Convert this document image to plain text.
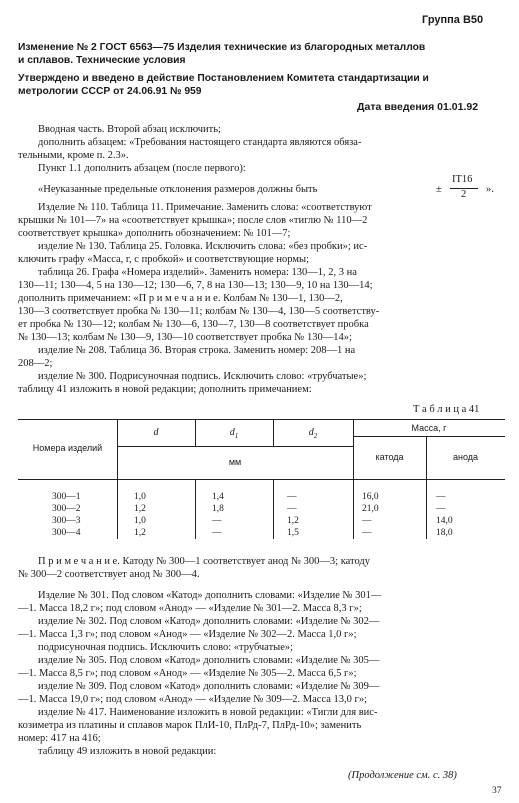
Группа В50
Изменение № 2 ГОСТ 6563—75 Изделия технические из благородных металлов
и сплавов. Технические условия
Утверждено и введено в действие Постановлением Комитета стандартизации и
метрологии СССР от 24.06.91 № 959
Дата введения 01.01.92
Вводная часть. Второй абзац исключить;
дополнить абзацем: «Требования настоящего стандарта являются обяза-
тельными, кроме п. 2.3».
Пункт 1.1 дополнить абзацем (после первого):
«Неуказанные предельные отклонения размеров должны быть	±
IT16
2 ».
Изделие № 110. Таблица 11. Примечание. Заменить слова: «соответствуют
крышки № 101—7» на «соответствует крышка»; после слов «тиглю № 110—2
соответствует крышка» дополнить обозначением: № 101—7;
изделие № 130. Таблица 25. Головка. Исключить слова: «без пробки»; ис-
ключить графу «Масса, г, с пробкой» и соответствующие нормы;
таблица 26. Графа «Номера изделий». Заменить номера: 130—1, 2, 3 на
130—11; 130—4, 5 на 130—12; 130—6, 7, 8 на 130—13; 130—9, 10 на 130—14;
дополнить примечанием: «П р и м е ч а н и е. Колбам № 130—1, 130—2,
130—3 соответствует пробка № 130—11; колбам № 130—4, 130—5 соответству-
ет пробка № 130—12; колбам № 130—6, 130—7, 130—8 соответствует пробка
№ 130—13; колбам № 130—9, 130—10 соответствует пробка № 130—14»;
изделие № 208. Таблица 36. Вторая строка. Заменить номер: 208—1 на
208—2;
изделие № 300. Подрисуночная подпись. Исключить слово: «трубчатые»;
таблицу 41 изложить в новой редакции; дополнить примечанием:
Т а б л и ц а 41
Номера изделий
d	$d_1$	$d_2$
мм
Масса, г
катода	анода
300—1	1,0	1,4	—	16,0	—
300—2	1,2	1,8	—	21,0	—
300—3	1,0	—	1,2	—	14,0
300—4	1,2	—	1,5	—	18,0
П р и м е ч а н и е. Катоду № 300—1 соответствует анод № 300—3; катоду
№ 300—2 соответствует анод № 300—4.
Изделие № 301. Под словом «Катод» дополнить словами: «Изделие № 301—
—1. Масса 18,2 г»; под словом «Анод» — «Изделие № 301—2. Масса 8,3 г»;
изделие № 302. Под словом «Катод» дополнить словами: «Изделие № 302—
—1. Масса 1,3 г»; под словом «Анод» — «Изделие № 302—2. Масса 1,0 г»;
подрисуночная подпись. Исключить слово: «трубчатые»;
изделие № 305. Под словом «Катод» дополнить словами: «Изделие № 305—
—1. Масса 8,5 г»; под словом «Анод» — «Изделие № 305—2. Масса 6,5 г»;
изделие № 309. Под словом «Катод» дополнить словами: «Изделие № 309—
—1. Масса 19,0 г»; под словом «Анод» — «Изделие № 309—2. Масса 13,0 г»;
изделие № 417. Наименование изложить в новой редакции: «Тигли для вис-
козиметра из платины и сплавов марок ПлИ-10, ПлРд-7, ПлРд-10»; заменить
номер: 417 на 416;
таблицу 49 изложить в новой редакции:
(Продолжение см. с. 38)
37
